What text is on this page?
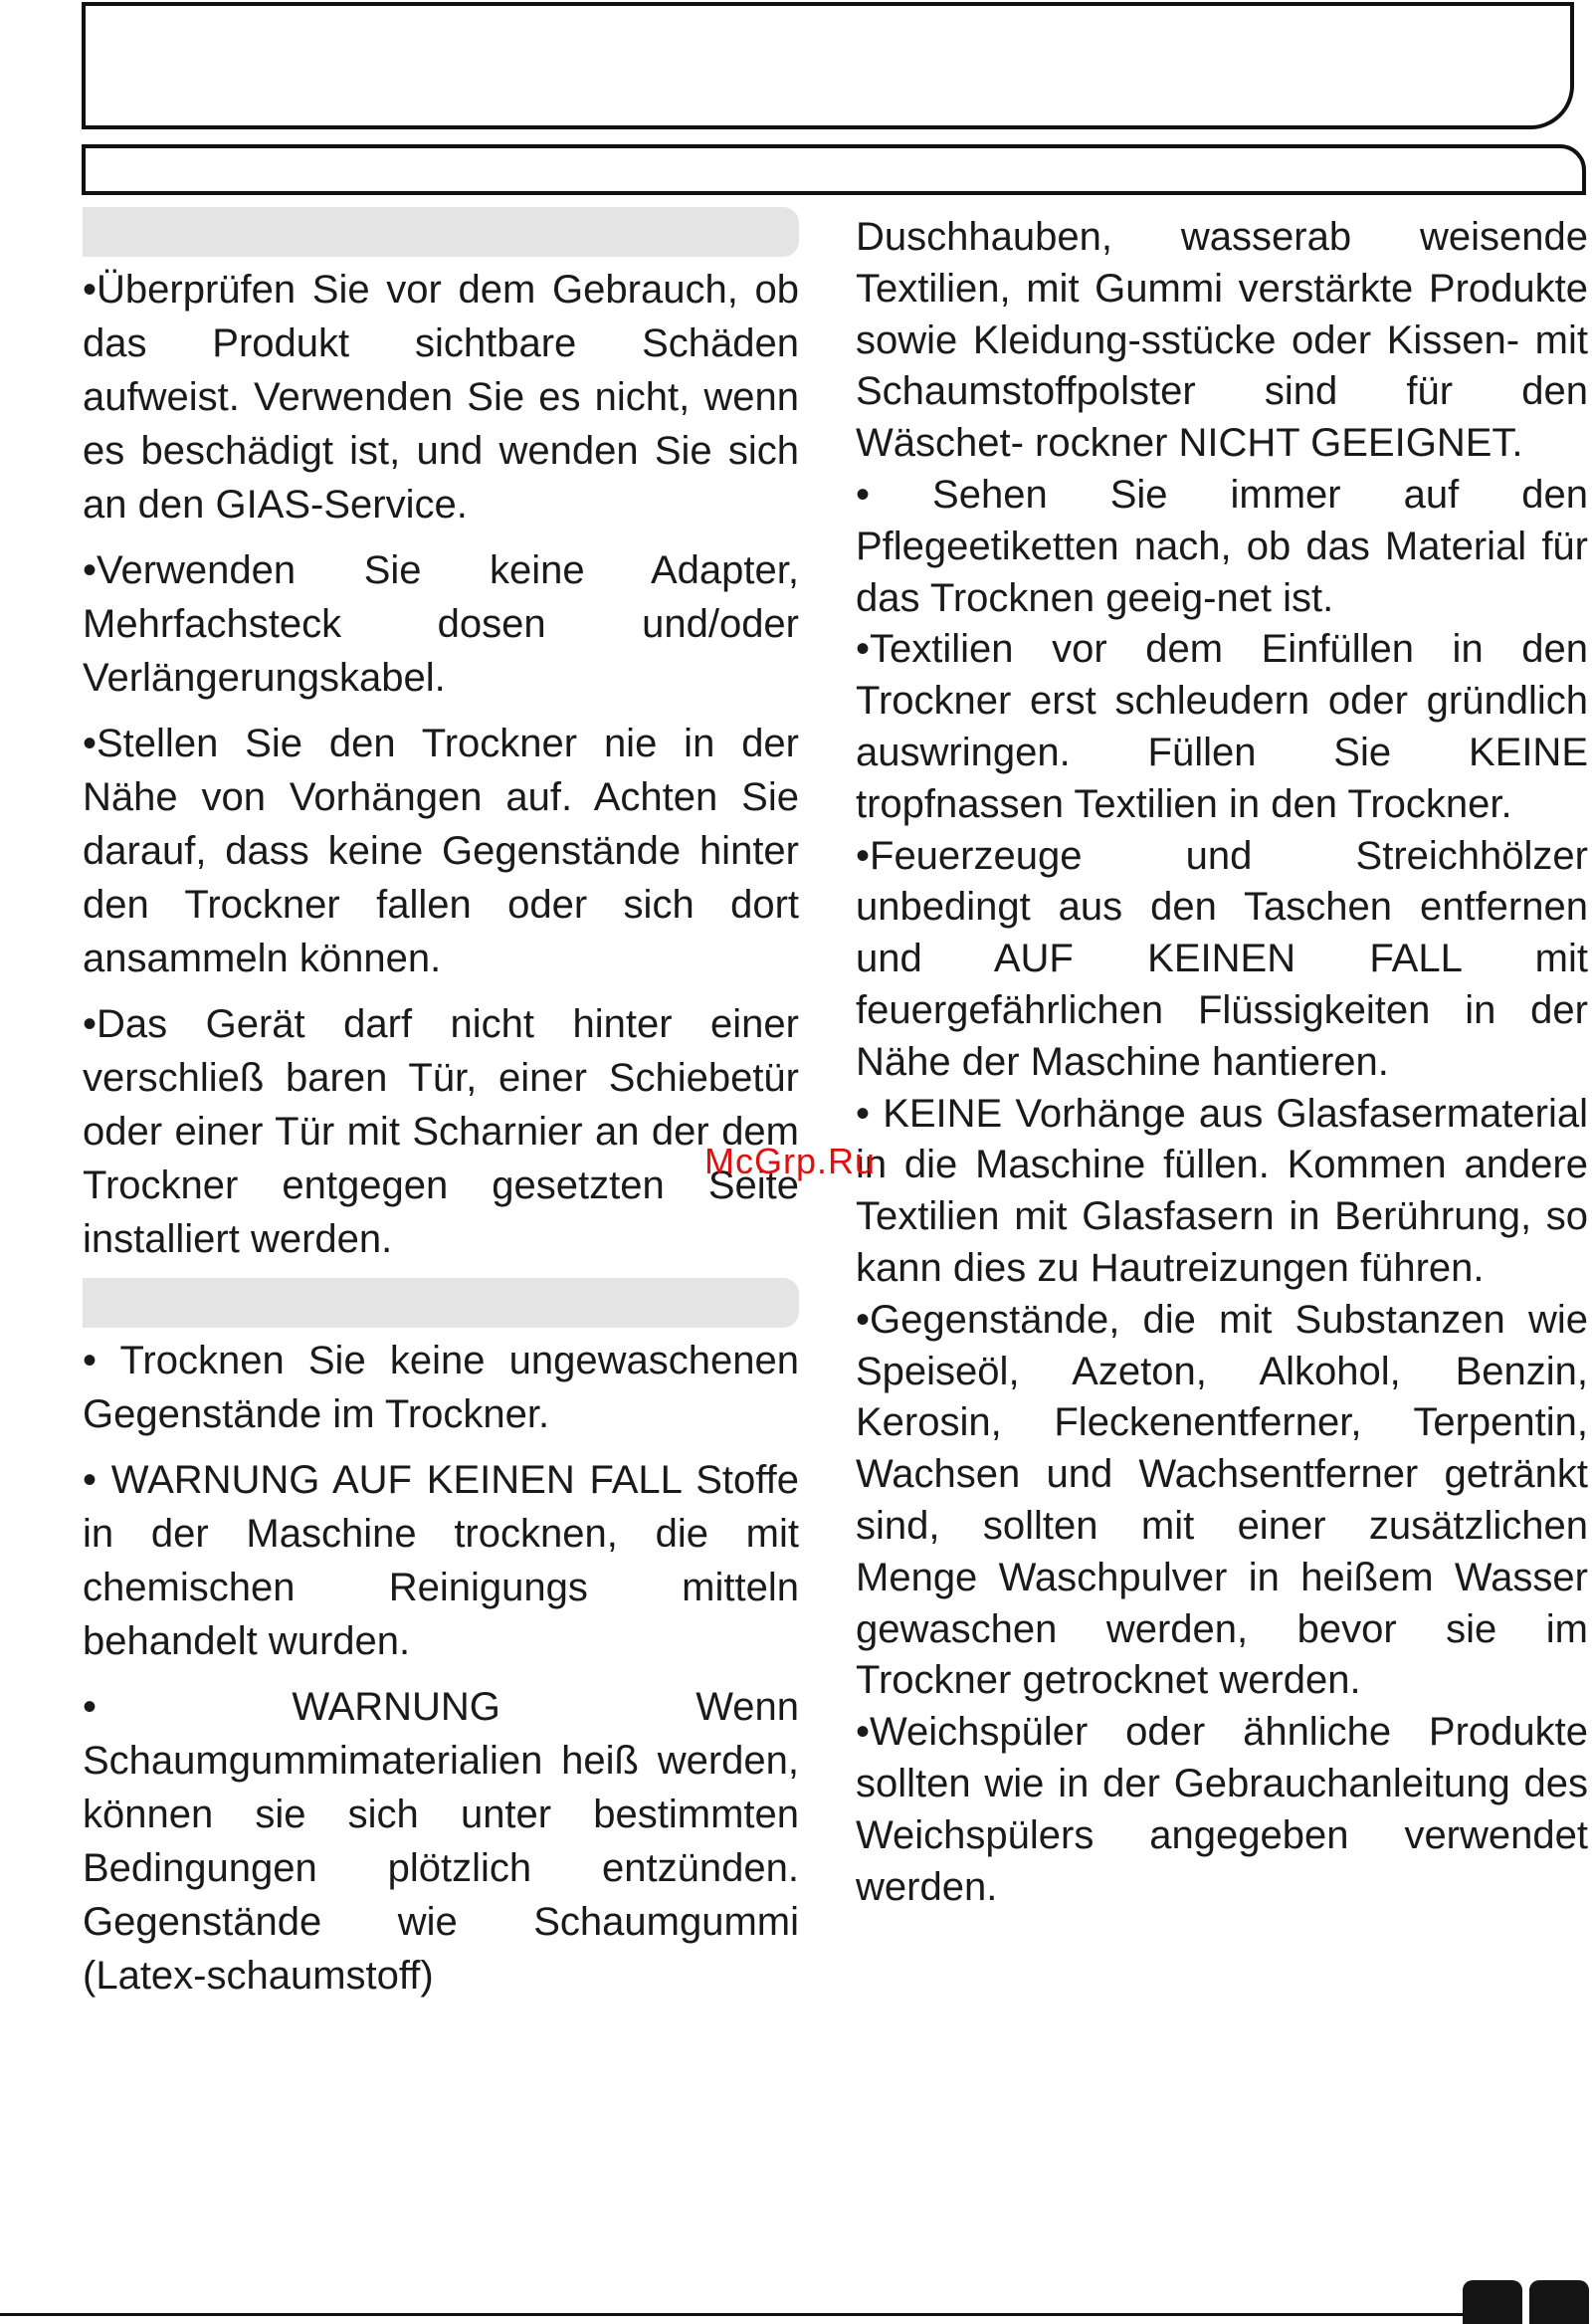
•Überprüfen Sie vor dem Gebrauch, ob das Produkt sichtbare Schäden aufweist. Verwenden Sie es nicht, wenn es beschädigt ist, und wenden Sie sich an den GIAS-Service.

•Verwenden Sie keine Adapter, Mehrfachsteck dosen und/oder Verlängerungskabel.

•Stellen Sie den Trockner nie in der Nähe von Vorhängen auf. Achten Sie darauf, dass keine Gegenstände hinter den Trockner fallen oder sich dort ansammeln können.

•Das Gerät darf nicht hinter einer verschließ baren Tür, einer Schiebetür oder einer Tür mit Scharnier an der dem Trockner entgegen gesetzten Seite installiert werden.

• Trocknen Sie keine ungewaschenen Gegenstände im Trockner.

• WARNUNG AUF KEINEN FALL Stoffe in der Maschine trocknen, die mit chemischen Reinigungs mitteln behandelt wurden.

• WARNUNG Wenn Schaumgummimaterialien heiß werden, können sie sich unter bestimmten Bedingungen plötzlich entzünden. Gegenstände wie Schaumgummi (Latex-schaumstoff)

Duschhauben, wasserab weisende Textilien, mit Gummi verstärkte Produkte sowie Kleidung-sstücke oder Kissen- mit Schaumstoffpolster sind für den Wäschet- rockner NICHT GEEIGNET.

• Sehen Sie immer auf den Pflegeetiketten nach, ob das Material für das Trocknen geeig-net ist.

•Textilien vor dem Einfüllen in den Trockner erst schleudern oder gründlich auswringen. Füllen Sie KEINE tropfnassen Textilien in den Trockner.

•Feuerzeuge und Streichhölzer unbedingt aus den Taschen entfernen und AUF KEINEN FALL mit feuergefährlichen Flüssigkeiten in der Nähe der Maschine hantieren.

• KEINE Vorhänge aus Glasfasermaterial in die Maschine füllen. Kommen andere Textilien mit Glasfasern in Berührung, so kann dies zu Hautreizungen führen.

•Gegenstände, die mit Substanzen wie Speiseöl, Azeton, Alkohol, Benzin, Kerosin, Fleckenentferner, Terpentin, Wachsen und Wachsentferner getränkt sind, sollten mit einer zusätzlichen Menge Waschpulver in heißem Wasser gewaschen werden, bevor sie im Trockner getrocknet werden.

•Weichspüler oder ähnliche Produkte sollten wie in der Gebrauchanleitung des Weichspülers angegeben verwendet werden.

McGrp.Ru
